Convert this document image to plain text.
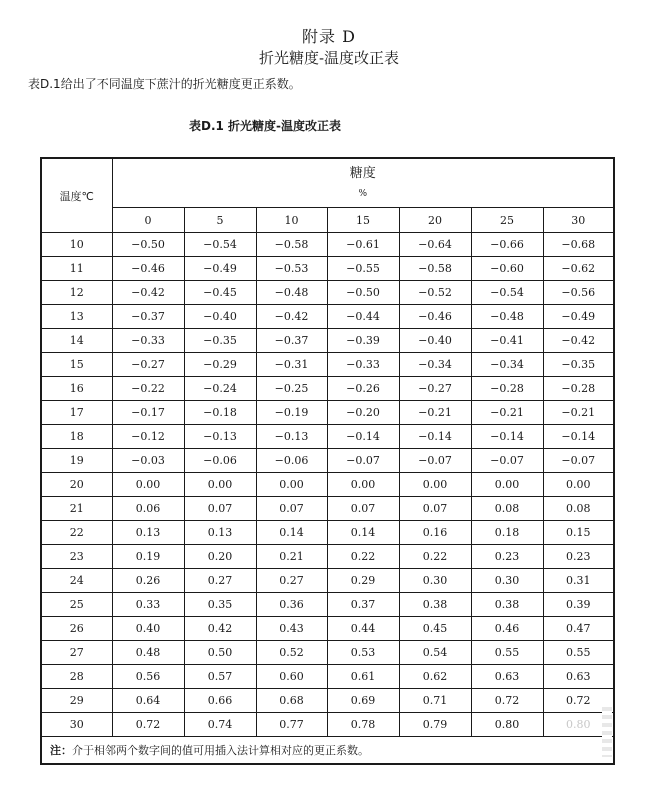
附录 D
折光糖度-温度改正表
表D.1给出了不同温度下蔗汁的折光糖度更正系数。
表D.1 折光糖度-温度改正表
温度℃	糖度
%						

	0	5	10	15	20	25	30
10	−0.50	−0.54	−0.58	−0.61	−0.64	−0.66	−0.68
11	−0.46	−0.49	−0.53	−0.55	−0.58	−0.60	−0.62
12	−0.42	−0.45	−0.48	−0.50	−0.52	−0.54	−0.56
13	−0.37	−0.40	−0.42	−0.44	−0.46	−0.48	−0.49
14	−0.33	−0.35	−0.37	−0.39	−0.40	−0.41	−0.42
15	−0.27	−0.29	−0.31	−0.33	−0.34	−0.34	−0.35
16	−0.22	−0.24	−0.25	−0.26	−0.27	−0.28	−0.28
17	−0.17	−0.18	−0.19	−0.20	−0.21	−0.21	−0.21
18	−0.12	−0.13	−0.13	−0.14	−0.14	−0.14	−0.14
19	−0.03	−0.06	−0.06	−0.07	−0.07	−0.07	−0.07
20	0.00	0.00	0.00	0.00	0.00	0.00	0.00
21	0.06	0.07	0.07	0.07	0.07	0.08	0.08
22	0.13	0.13	0.14	0.14	0.16	0.18	0.15
23	0.19	0.20	0.21	0.22	0.22	0.23	0.23
24	0.26	0.27	0.27	0.29	0.30	0.30	0.31
25	0.33	0.35	0.36	0.37	0.38	0.38	0.39
26	0.40	0.42	0.43	0.44	0.45	0.46	0.47
27	0.48	0.50	0.52	0.53	0.54	0.55	0.55
28	0.56	0.57	0.60	0.61	0.62	0.63	0.63
29	0.64	0.66	0.68	0.69	0.71	0.72	0.72
30	0.72	0.74	0.77	0.78	0.79	0.80	0.80
注：介于相邻两个数字间的值可用插入法计算相对应的更正系数。							
